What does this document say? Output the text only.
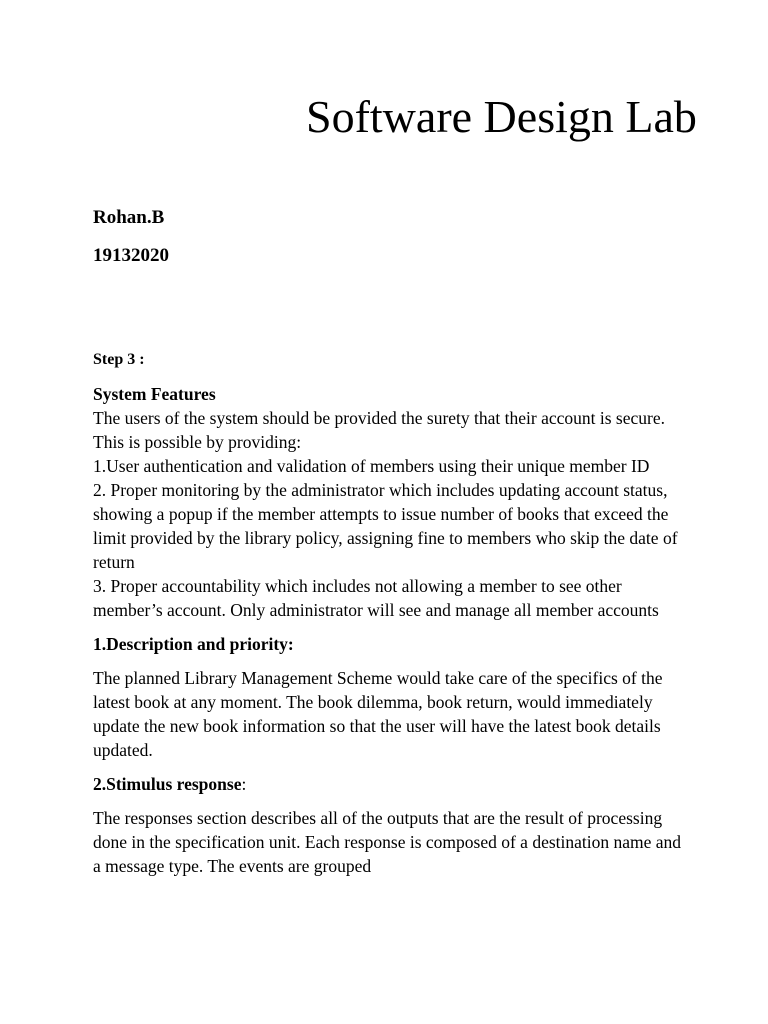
Software Design Lab

Rohan.B

19132020

Step 3 :

System Features

The users of the system should be provided the surety that their account is secure. This is possible by providing:

1.User authentication and validation of members using their unique member ID

2. Proper monitoring by the administrator which includes updating account status, showing a popup if the member attempts to issue number of books that exceed the limit provided by the library policy, assigning fine to members who skip the date of return

3. Proper accountability which includes not allowing a member to see other member’s account. Only administrator will see and manage all member accounts

1.Description and priority:

The planned Library Management Scheme would take care of the specifics of the latest book at any moment. The book dilemma, book return, would immediately update the new book information so that the user will have the latest book details updated.

2.Stimulus response:

The responses section describes all of the outputs that are the result of processing done in the specification unit. Each response is composed of a destination name and a message type. The events are grouped
